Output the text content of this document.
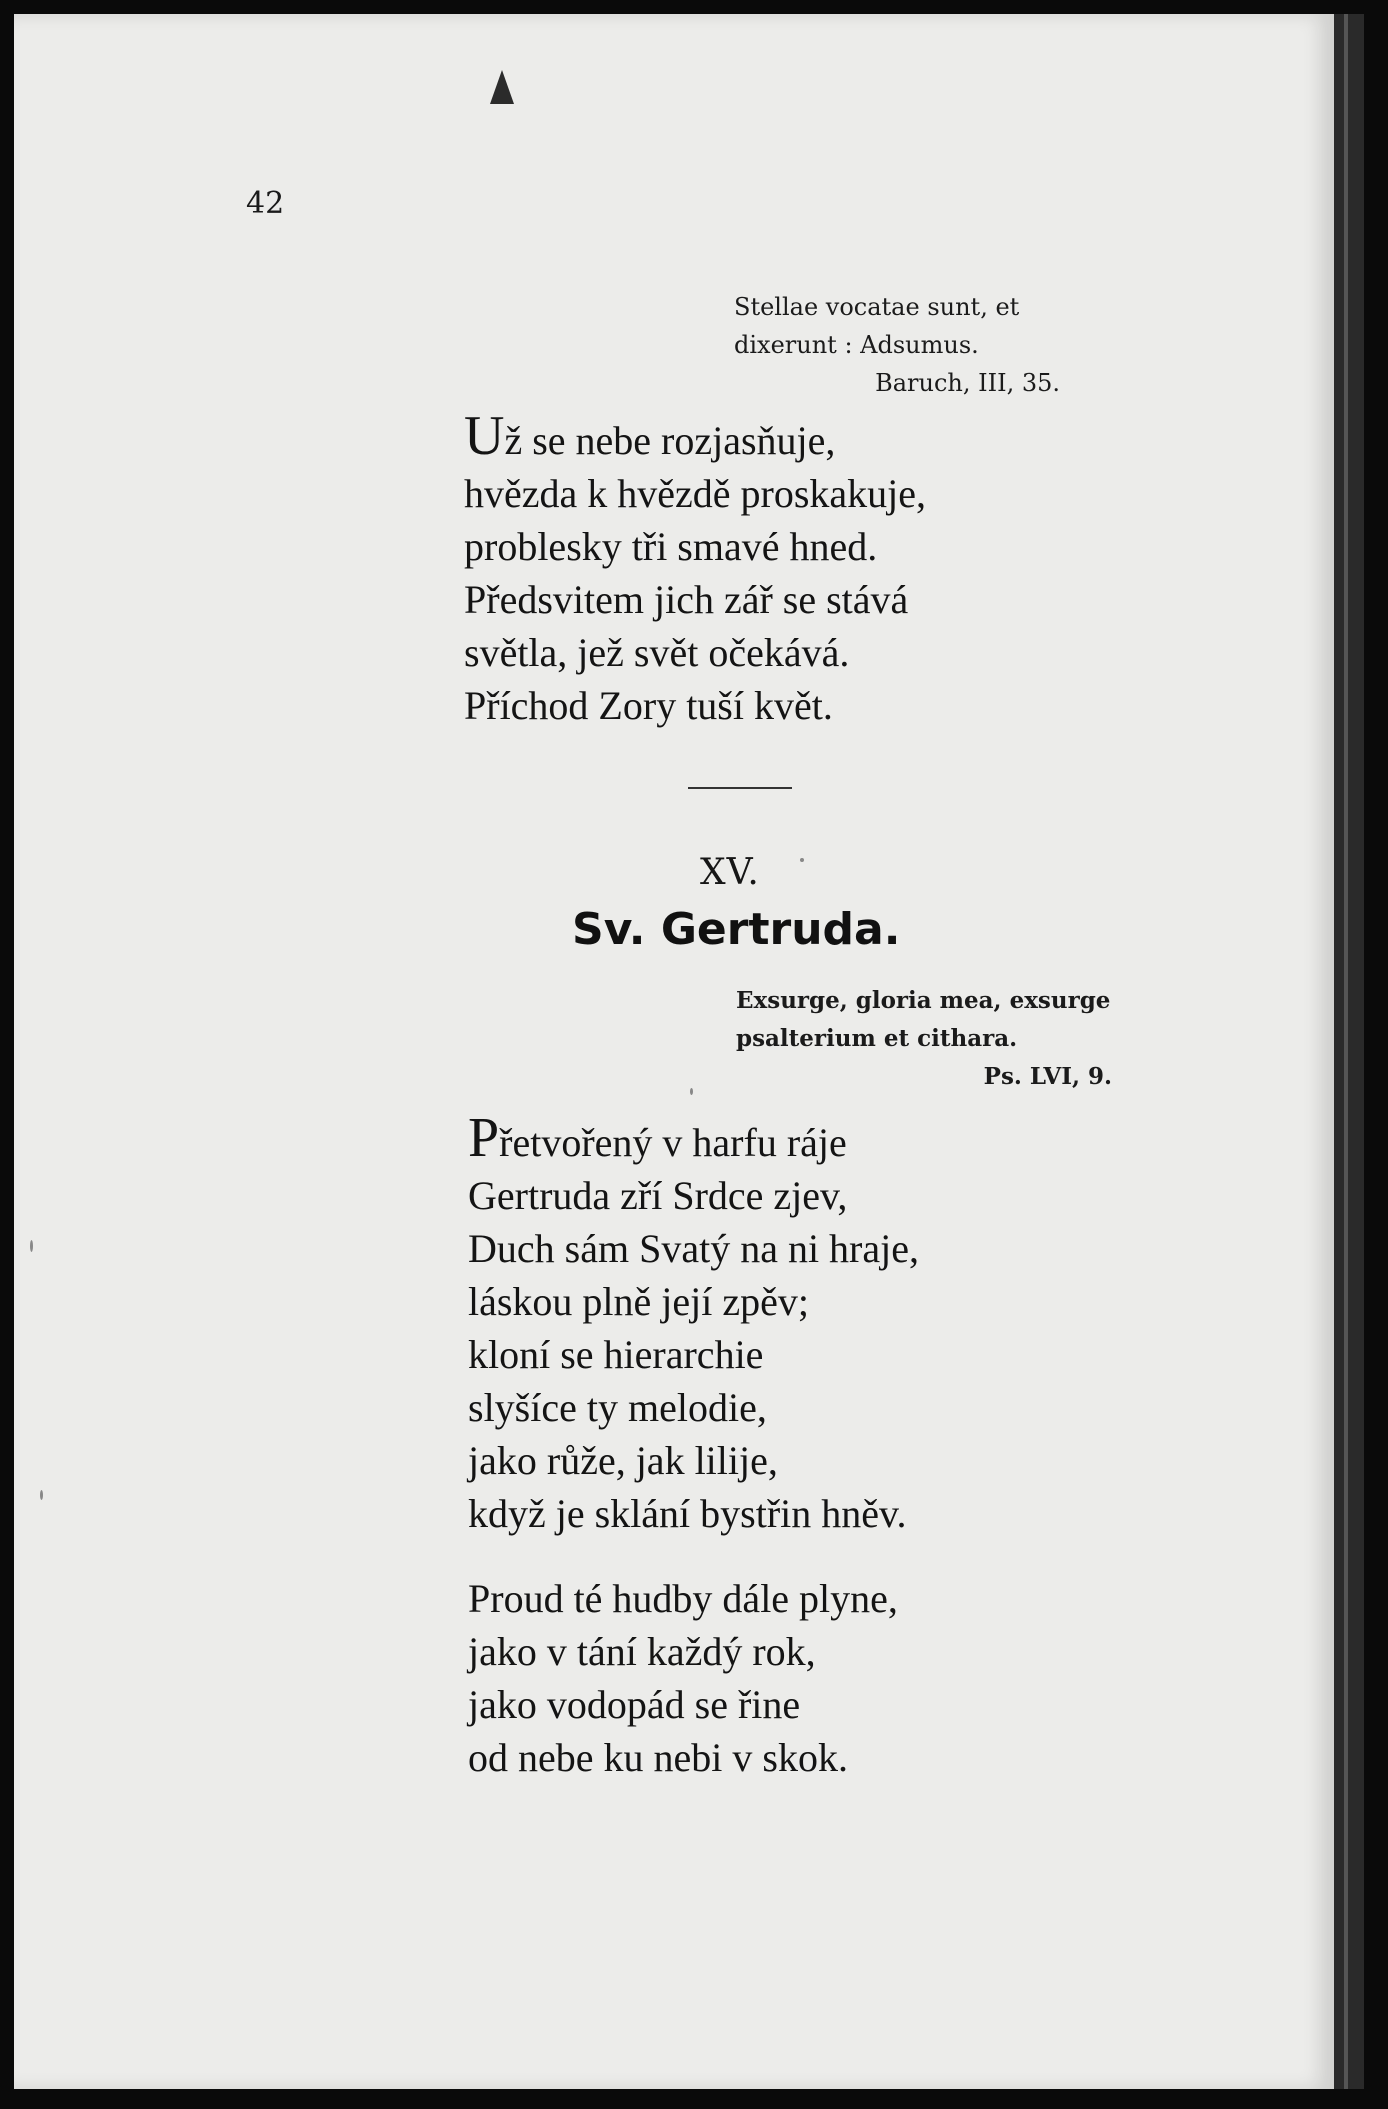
42
Stellae vocatae sunt, et
dixerunt : Adsumus.
Baruch, III, 35.
Už se nebe rozjasňuje,
hvězda k hvězdě proskakuje,
problesky tři smavé hned.
Předsvitem jich zář se stává
světla, jež svět očekává.
Příchod Zory tuší květ.
XV.
Sv. Gertruda.
Exsurge, gloria mea, exsurge
psalterium et cithara.
Ps. LVI, 9.
Přetvořený v harfu ráje
Gertruda zří Srdce zjev,
Duch sám Svatý na ni hraje,
láskou plně její zpěv;
kloní se hierarchie
slyšíce ty melodie,
jako růže, jak lilije,
když je sklání bystřin hněv.
Proud té hudby dále plyne,
jako v tání každý rok,
jako vodopád se řine
od nebe ku nebi v skok.
